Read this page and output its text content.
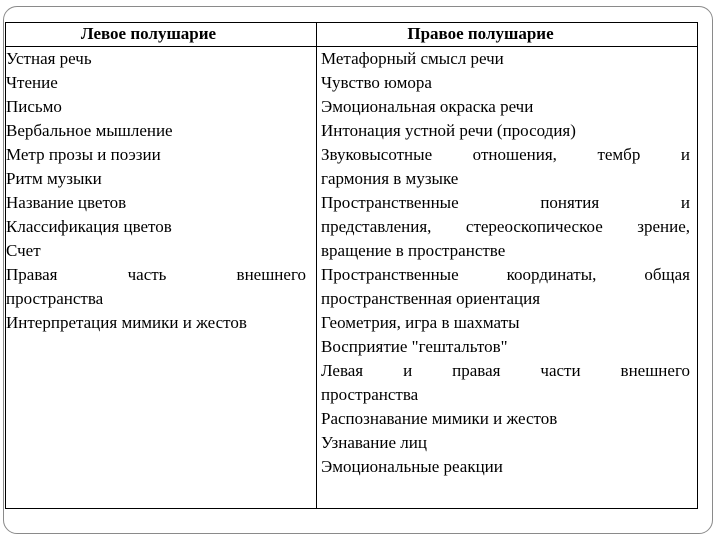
Левое полушарие	Правое полушарие
Устная речь
Чтение
Письмо
Вербальное мышление
Метр прозы и поэзии
Ритм музыки
Название цветов
Классификация цветов
Счет
Правая часть внешнего
пространства
Интерпретация мимики и жестов
Метафорный смысл речи
Чувство юмора
Эмоциональная окраска речи
Интонация устной речи (просодия)
Звуковысотные отношения, тембр и
гармония в музыке
Пространственные понятия и
представления, стереоскопическое зрение,
вращение в пространстве
Пространственные координаты, общая
пространственная ориентация
Геометрия, игра в шахматы
Восприятие "гештальтов"
Левая и правая части внешнего
пространства
Распознавание мимики и жестов
Узнавание лиц
Эмоциональные реакции
